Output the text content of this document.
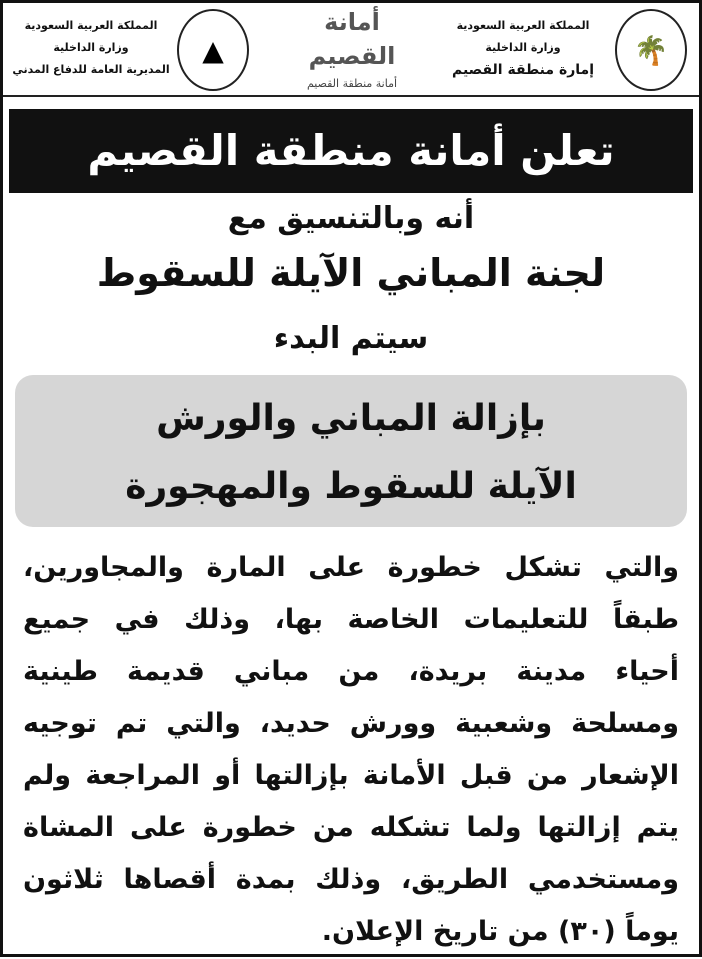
🌴
المملكة العربية السعودية
وزارة الداخلية
إمارة منطقة القصيم
أمانة القصيم
أمانة منطقة القصيم
▲
المملكة العربية السعودية
وزارة الداخلية
المديرية العامة للدفاع المدني
تعلن أمانة منطقة القصيم
أنه وبالتنسيق مع
لجنة المباني الآيلة للسقوط
سيتم البدء
بإزالة المباني والورش
الآيلة للسقوط والمهجورة
والتي تشكل خطورة على المارة والمجاورين،
طبقاً للتعليمات الخاصة بها، وذلك في جميع
أحياء مدينة بريدة، من مباني قديمة طينية
ومسلحة وشعبية وورش حديد، والتي تم توجيه
الإشعار من قبل الأمانة بإزالتها أو المراجعة ولم
يتم إزالتها ولما تشكله من خطورة على المشاة
ومستخدمي الطريق، وذلك بمدة أقصاها ثلاثون
يوماً (٣٠) من تاريخ الإعلان.
